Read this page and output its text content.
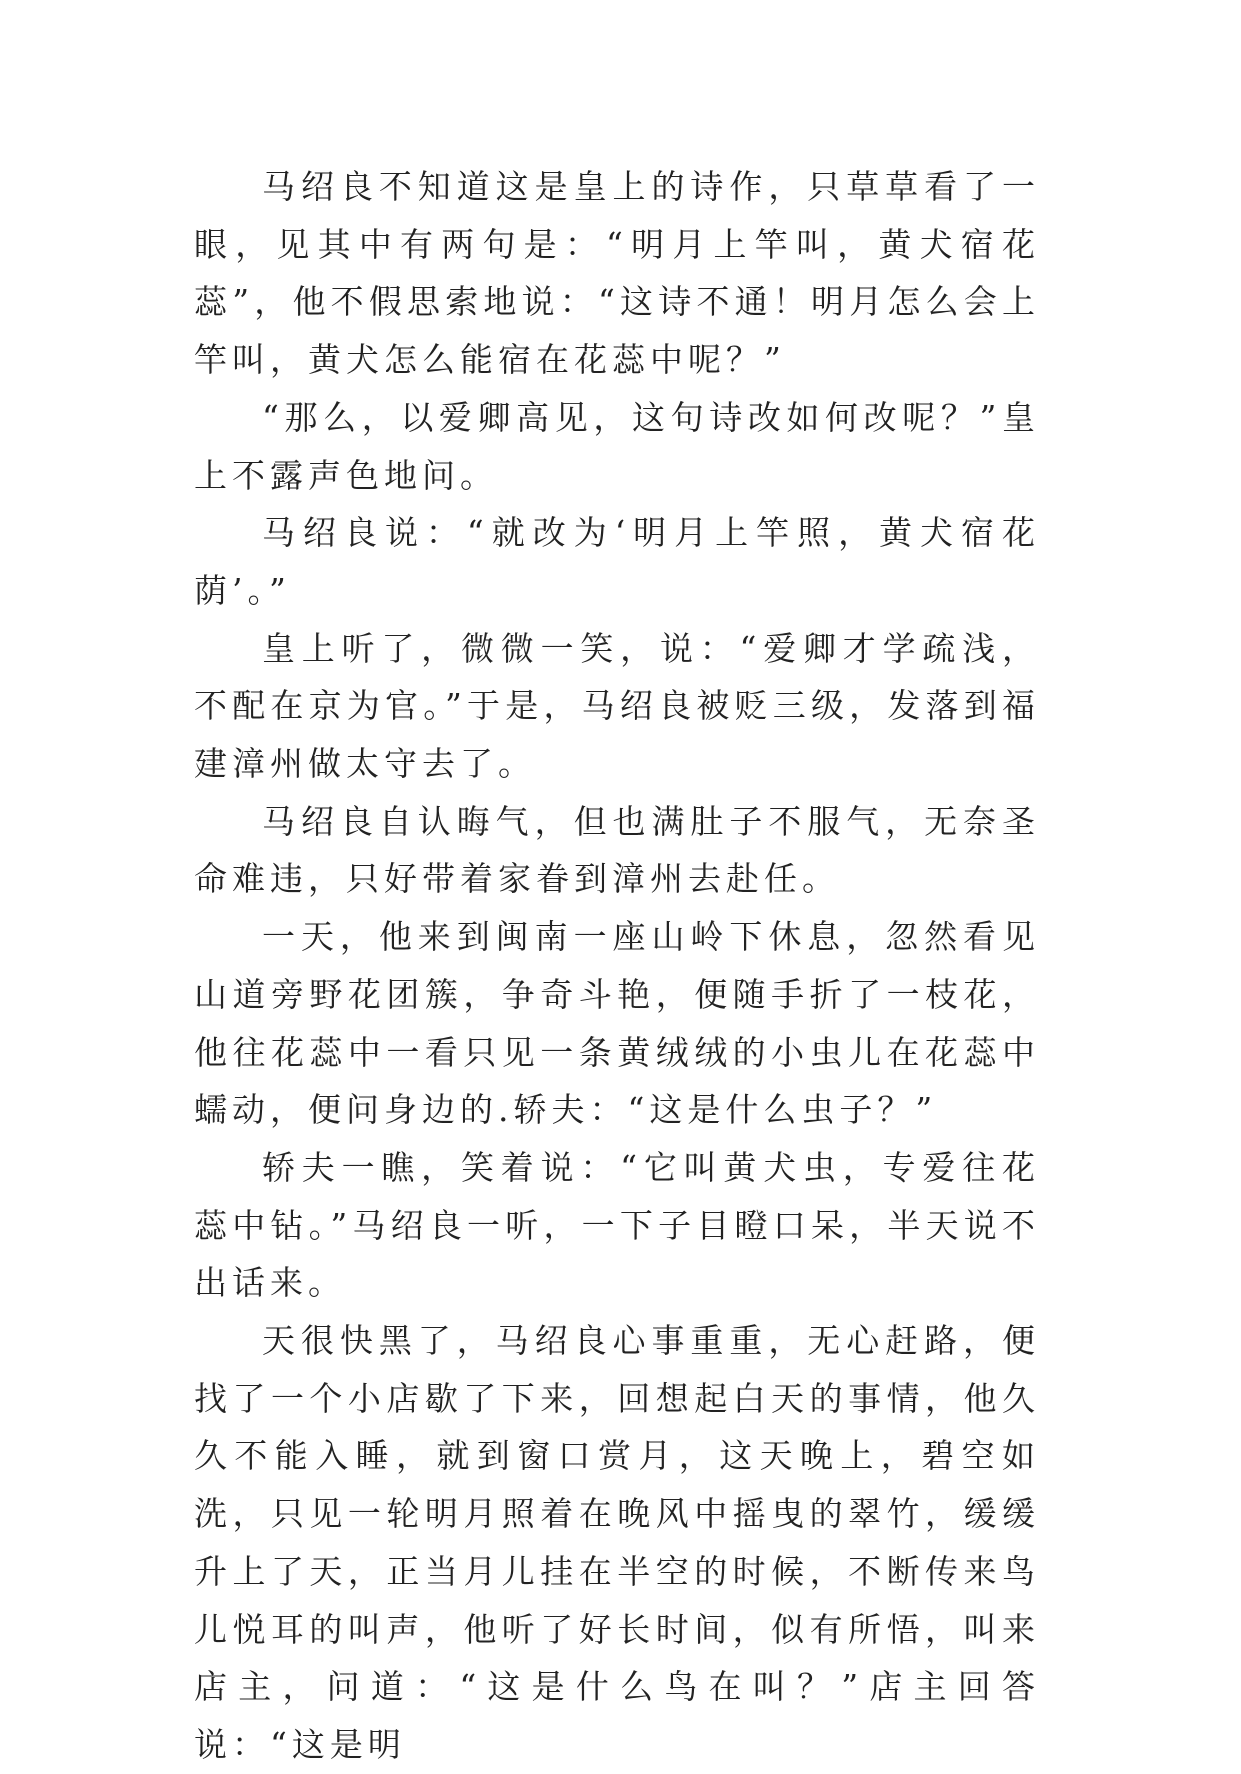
马绍良不知道这是皇上的诗作，只草草看了一眼，见其中有两句是：“明月上竿叫，黄犬宿花蕊”，他不假思索地说：“这诗不通！明月怎么会上竿叫，黄犬怎么能宿在花蕊中呢？”

“那么，以爱卿高见，这句诗改如何改呢？”皇上不露声色地问。

马绍良说：“就改为‘明月上竿照，黄犬宿花荫’。”

皇上听了，微微一笑，说：“爱卿才学疏浅，不配在京为官。”于是，马绍良被贬三级，发落到福建漳州做太守去了。

马绍良自认晦气，但也满肚子不服气，无奈圣命难违，只好带着家眷到漳州去赴任。

一天，他来到闽南一座山岭下休息，忽然看见山道旁野花团簇，争奇斗艳，便随手折了一枝花，他往花蕊中一看只见一条黄绒绒的小虫儿在花蕊中蠕动，便问身边的.轿夫：“这是什么虫子？”

轿夫一瞧，笑着说：“它叫黄犬虫，专爱往花蕊中钻。”马绍良一听，一下子目瞪口呆，半天说不出话来。

天很快黑了，马绍良心事重重，无心赶路，便找了一个小店歇了下来，回想起白天的事情，他久久不能入睡，就到窗口赏月，这天晚上，碧空如洗，只见一轮明月照着在晚风中摇曳的翠竹，缓缓升上了天，正当月儿挂在半空的时候，不断传来鸟儿悦耳的叫声，他听了好长时间，似有所悟，叫来店主，问道：“这是什么鸟在叫？”店主回答说：“这是明
